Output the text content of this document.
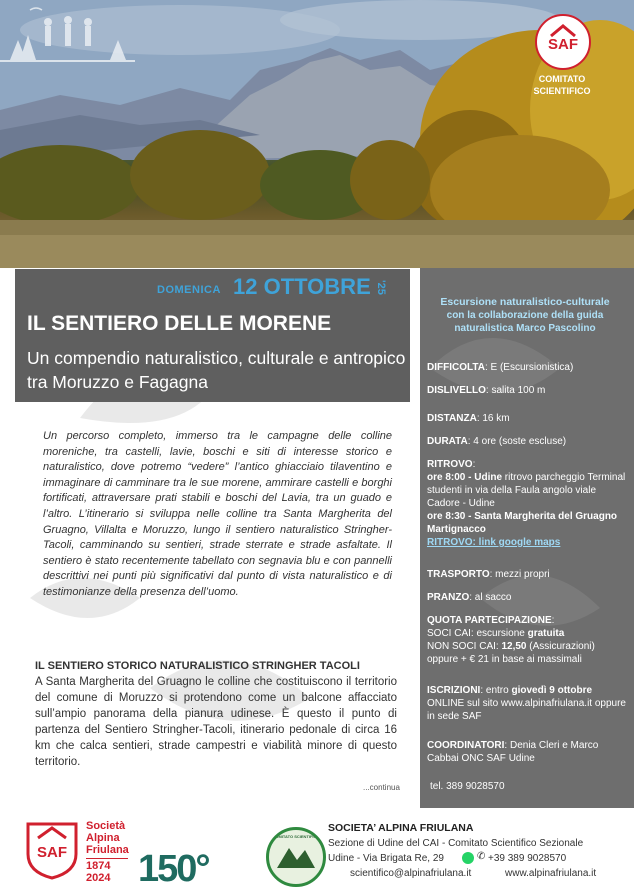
SAF
COMITATO
SCIENTIFICO
DOMENICA 12 OTTOBRE '25
IL SENTIERO DELLE MORENE
Un compendio naturalistico, culturale e antropico tra Moruzzo e Fagagna
Un percorso completo, immerso tra le campagne delle colline moreniche, tra castelli, lavie, boschi e siti di interesse storico e naturalistico, dove potremo “vedere” l’antico ghiacciaio tilaventino e immaginare di camminare tra le sue morene, ammirare castelli e borghi fortificati, attraversare prati stabili e boschi del Lavia, tra un guado e l’altro. L’itinerario si sviluppa nelle colline tra Santa Margherita del Gruagno, Villalta e Moruzzo, lungo il sentiero naturalistico Stringher-Tacoli, camminando su sentieri, strade sterrate e strade asfaltate. Il sentiero è stato recentemente tabellato con segnavia blu e con pannelli descrittivi nei punti più significativi dal punto di vista naturalistico e di testimonianze della presenza dell’uomo.
IL SENTIERO STORICO NATURALISTICO STRINGHER TACOLI
A Santa Margherita del Gruagno le colline che costituiscono il territorio del comune di Moruzzo si protendono come un balcone affacciato sull’ampio panorama della pianura udinese. È questo il punto di partenza del Sentiero Stringher-Tacoli, itinerario pedonale di circa 16 km che calca sentieri, strade campestri e viabilità minore di questo territorio.
...continua
Escursione naturalistico-culturale
con la collaborazione della guida naturalistica Marco Pascolino
DIFFICOLTA: E (Escursionistica)
DISLIVELLO: salita 100 m
DISTANZA: 16 km
DURATA: 4 ore (soste escluse)
RITROVO:
ore 8:00 - Udine ritrovo parcheggio Terminal studenti in via della Faula angolo viale Cadore - Udine
ore 8:30 - Santa Margherita del Gruagno Martignacco
RITROVO: link google maps
TRASPORTO: mezzi propri
PRANZO: al sacco
QUOTA PARTECIPAZIONE:
SOCI CAI: escursione gratuita
NON SOCI CAI: 12,50 (Assicurazioni) oppure + € 21 in base ai massimali
ISCRIZIONI: entro giovedì 9 ottobre
ONLINE sul sito www.alpinafriulana.it oppure in sede SAF
COORDINATORI: Denia Cleri e Marco Cabbai ONC SAF Udine
tel. 389 9028570
SAF
Società
Alpina
Friulana
1874
2024 150°
COMITATO SCIENTIFICO
SOCIETA’ ALPINA FRIULANA
Sezione di Udine del CAI - Comitato Scientifico Sezionale
Udine - Via Brigata Re, 29	✆ +39 389 9028570
scientifico@alpinafriulana.it	www.alpinafriulana.it
